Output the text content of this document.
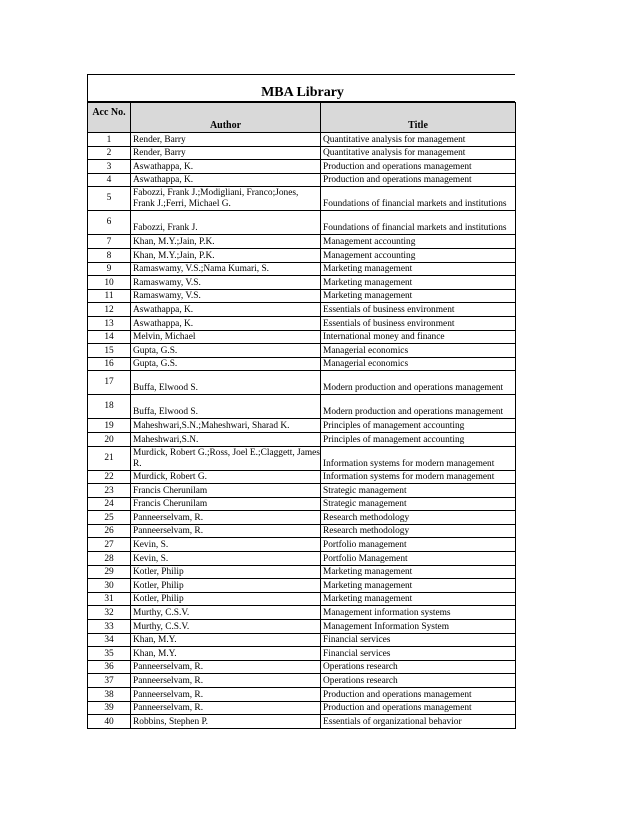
MBA Library
Acc No.	Author	Title
1	Render, Barry	Quantitative analysis for management
2	Render, Barry	Quantitative analysis for management
3	Aswathappa, K.	Production and operations management
4	Aswathappa, K.	Production and operations management
5	Fabozzi, Frank J.;Modigliani, Franco;Jones, Frank J.;Ferri, Michael G.	Foundations of financial markets and institutions
6	Fabozzi, Frank J.	Foundations of financial markets and institutions
7	Khan, M.Y.;Jain, P.K.	Management accounting
8	Khan, M.Y.;Jain, P.K.	Management accounting
9	Ramaswamy, V.S.;Nama Kumari, S.	Marketing management
10	Ramaswamy, V.S.	Marketing management
11	Ramaswamy, V.S.	Marketing management
12	Aswathappa, K.	Essentials of business environment
13	Aswathappa, K.	Essentials of business environment
14	Melvin, Michael	International money and finance
15	Gupta, G.S.	Managerial economics
16	Gupta, G.S.	Managerial economics
17	Buffa, Elwood S.	Modern production and operations management
18	Buffa, Elwood S.	Modern production and operations management
19	Maheshwari,S.N.;Maheshwari, Sharad K.	Principles of management accounting
20	Maheshwari,S.N.	Principles of management accounting
21	Murdick, Robert G.;Ross, Joel E.;Claggett, James R.	Information systems for modern management
22	Murdick, Robert G.	Information systems for modern management
23	Francis Cherunilam	Strategic management
24	Francis Cherunilam	Strategic management
25	Panneerselvam, R.	Research methodology
26	Panneerselvam, R.	Research methodology
27	Kevin, S.	Portfolio management
28	Kevin, S.	Portfolio Management
29	Kotler, Philip	Marketing management
30	Kotler, Philip	Marketing management
31	Kotler, Philip	Marketing management
32	Murthy, C.S.V.	Management information systems
33	Murthy, C.S.V.	Management Information System
34	Khan, M.Y.	Financial services
35	Khan, M.Y.	Financial services
36	Panneerselvam, R.	Operations research
37	Panneerselvam, R.	Operations research
38	Panneerselvam, R.	Production and operations management
39	Panneerselvam, R.	Production and operations management
40	Robbins, Stephen P.	Essentials of organizational behavior
